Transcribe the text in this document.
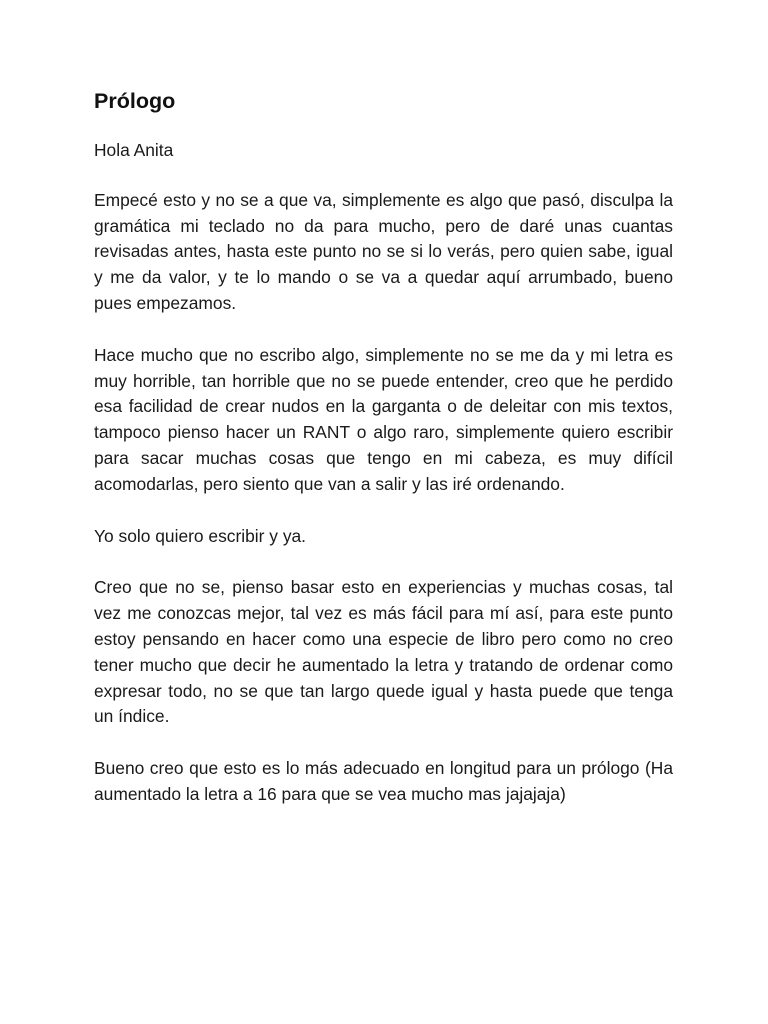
Prólogo

Hola Anita

Empecé esto y no se a que va, simplemente es algo que pasó, disculpa la gramática mi teclado no da para mucho, pero de daré unas cuantas revisadas antes, hasta este punto no se si lo verás, pero quien sabe, igual y me da valor, y te lo mando o se va a quedar aquí arrumbado, bueno pues empezamos.

Hace mucho que no escribo algo, simplemente no se me da y mi letra es muy horrible, tan horrible que no se puede entender, creo que he perdido esa facilidad de crear nudos en la garganta o de deleitar con mis textos, tampoco pienso hacer un RANT o algo raro, simplemente quiero escribir para sacar muchas cosas que tengo en mi cabeza, es muy difícil acomodarlas, pero siento que van a salir y las iré ordenando.

Yo solo quiero escribir y ya.

Creo que no se, pienso basar esto en experiencias y muchas cosas, tal vez me conozcas mejor, tal vez es más fácil para mí así, para este punto estoy pensando en hacer como una especie de libro pero como no creo tener mucho que decir he aumentado la letra y tratando de ordenar como expresar todo, no se que tan largo quede igual y hasta puede que tenga un índice.

Bueno creo que esto es lo más adecuado en longitud para un prólogo (Ha aumentado la letra a 16 para que se vea mucho mas jajajaja)
